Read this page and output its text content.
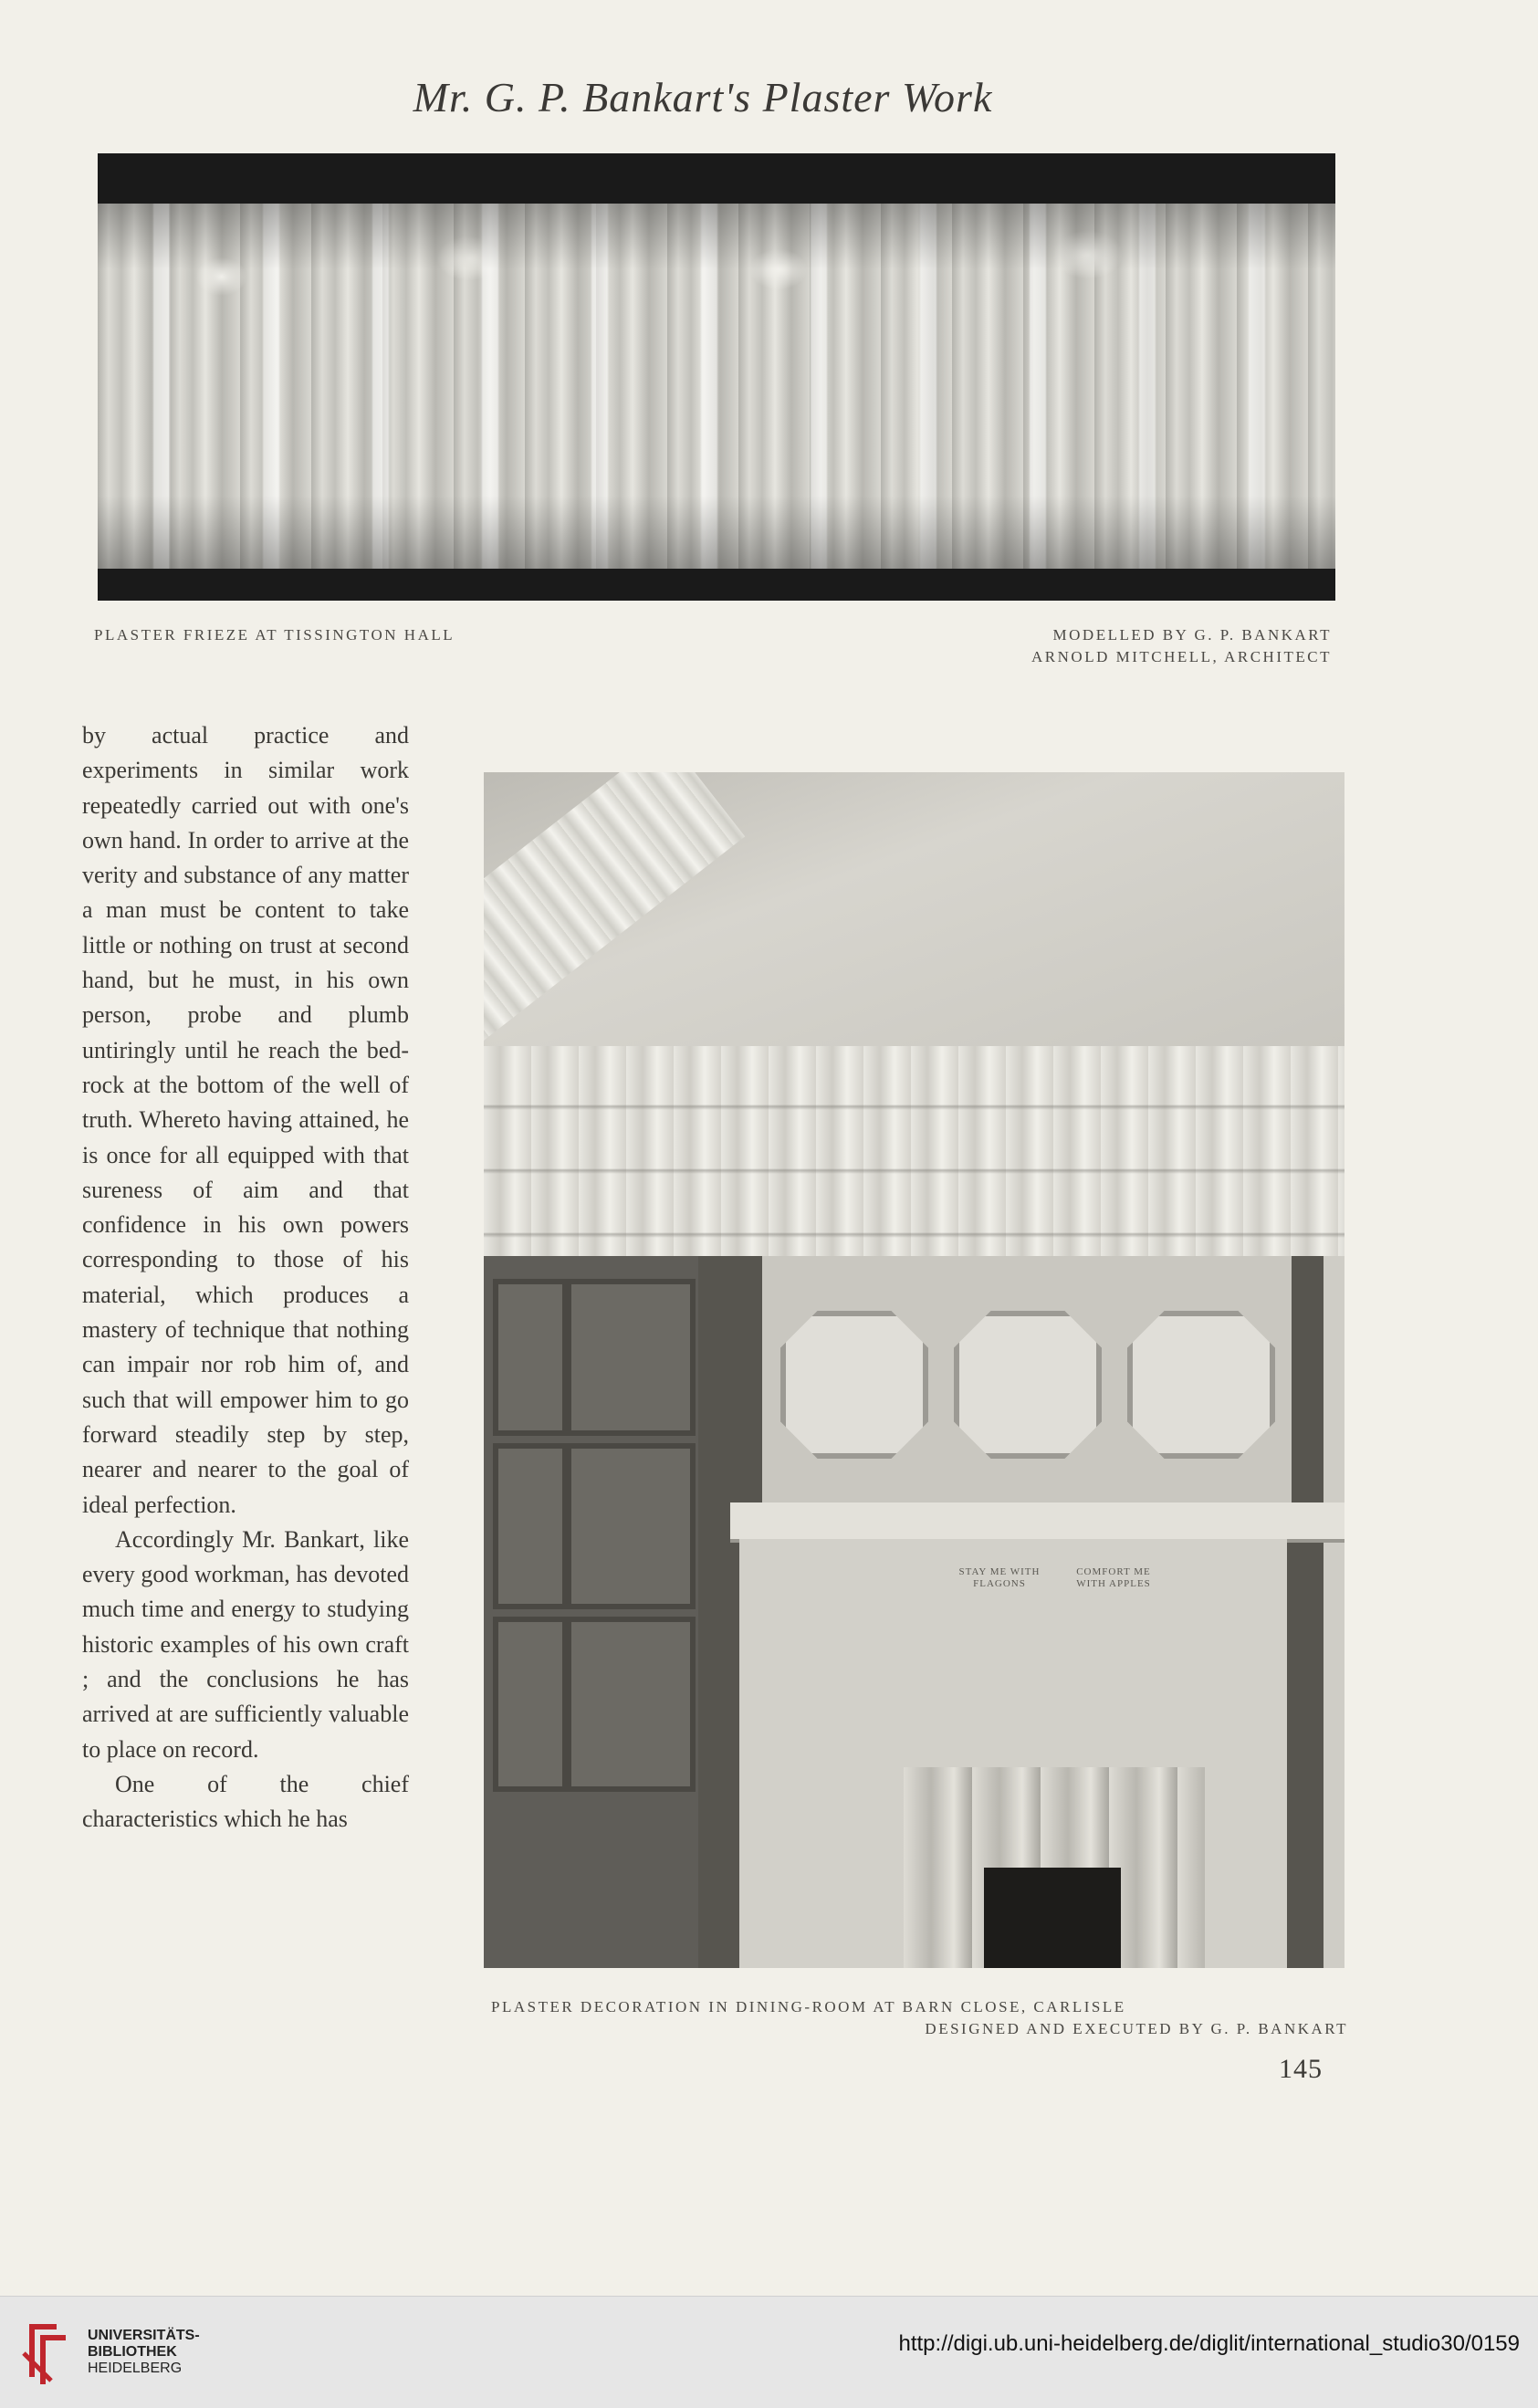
Mr. G. P. Bankart's Plaster Work
PLASTER FRIEZE AT TISSINGTON HALL	MODELLED BY G. P. BANKART
ARNOLD MITCHELL, ARCHITECT

by actual practice and experiments in similar work repeatedly carried out with one's own hand. In order to arrive at the verity and substance of any matter a man must be content to take little or nothing on trust at second hand, but he must, in his own person, probe and plumb untiringly until he reach the bed-rock at the bottom of the well of truth. Whereto having attained, he is once for all equipped with that sureness of aim and that confidence in his own powers corresponding to those of his material, which produces a mastery of technique that nothing can impair nor rob him of, and such that will empower him to go forward steadily step by step, nearer and nearer to the goal of ideal perfection.

Accordingly Mr. Bankart, like every good workman, has devoted much time and energy to studying historic examples of his own craft ; and the conclusions he has arrived at are sufficiently valuable to place on record.

One of the chief characteristics which he has

STAY ME WITH FLAGONS
COMFORT ME WITH APPLES
PLASTER DECORATION IN DINING-ROOM AT BARN CLOSE, CARLISLE
DESIGNED AND EXECUTED BY G. P. BANKART
145
UNIVERSITÄTS-
BIBLIOTHEK
HEIDELBERG
http://digi.ub.uni-heidelberg.de/diglit/international_studio30/0159
